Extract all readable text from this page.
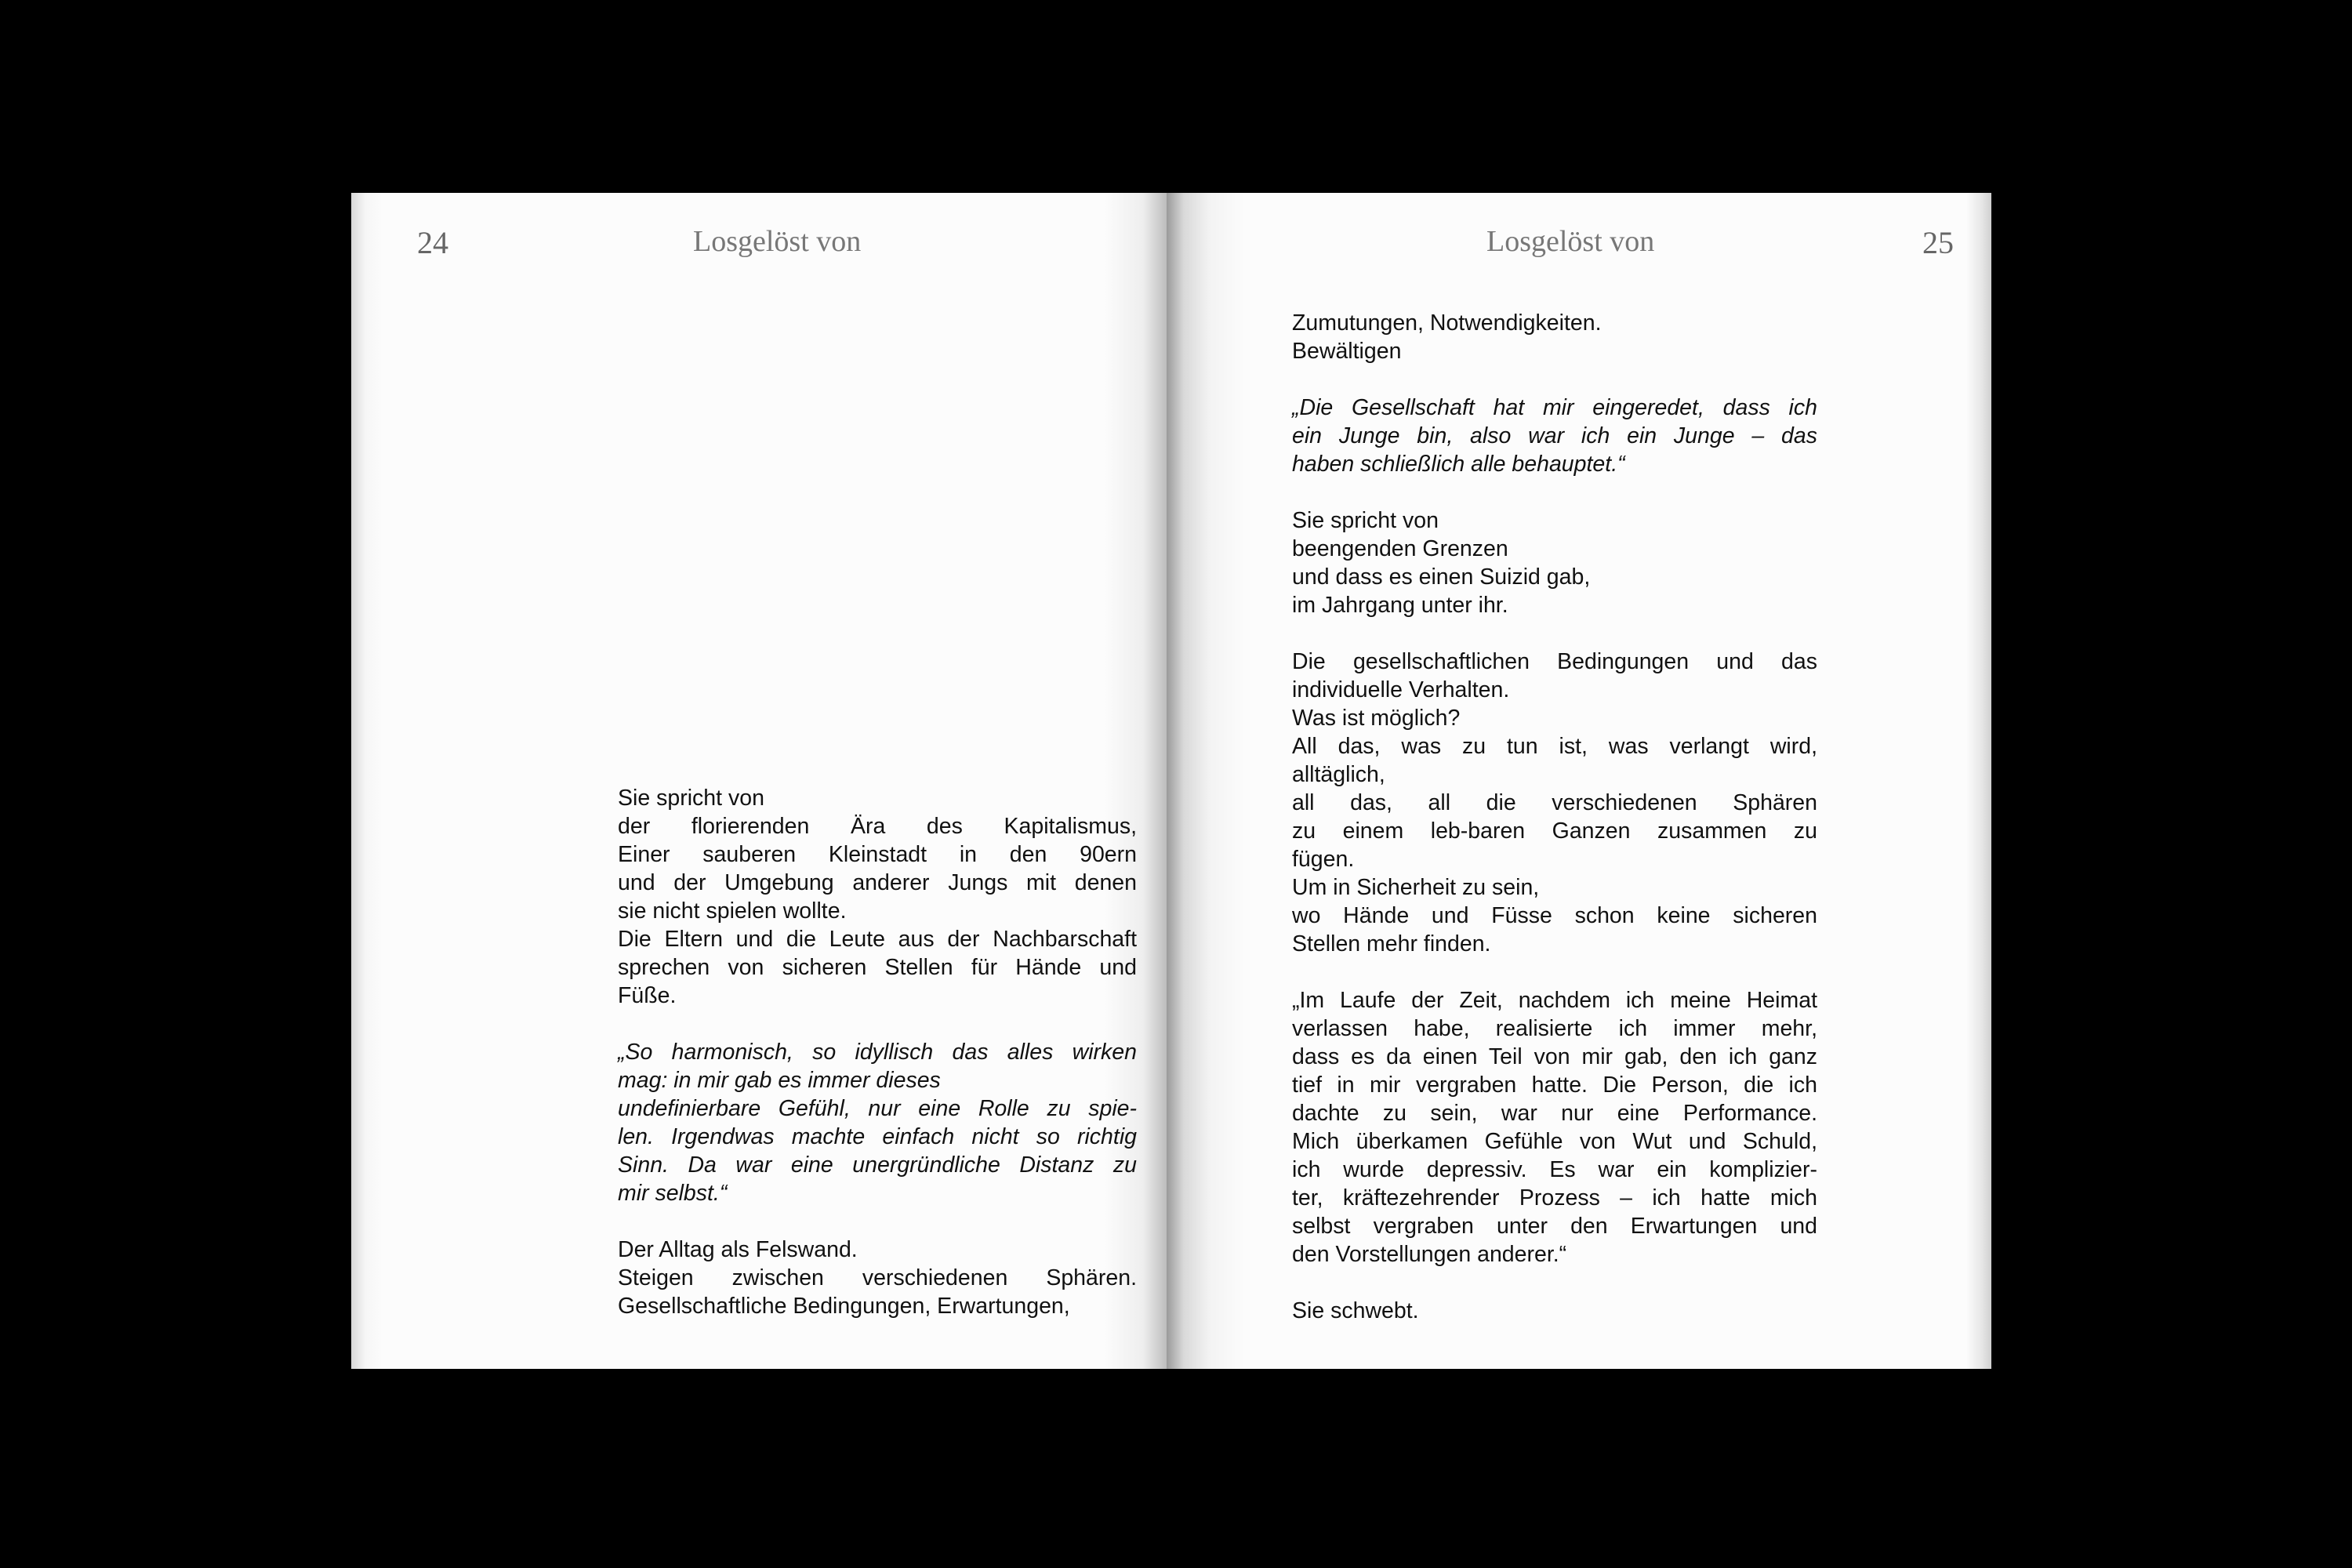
24	Losgelöst von
Sie spricht von
der florierenden Ära des Kapitalismus,
Einer sauberen Kleinstadt in den 90ern
und der Umgebung anderer Jungs mit denen
sie nicht spielen wollte.
Die Eltern und die Leute aus der Nachbarschaft
sprechen von sicheren Stellen für Hände und
Füße.
„So harmonisch, so idyllisch das alles wirken
mag: in mir gab es immer dieses
undefinierbare Gefühl, nur eine Rolle zu spie-
len. Irgendwas machte einfach nicht so richtig
Sinn. Da war eine unergründliche Distanz zu
mir selbst.“
Der Alltag als Felswand.
Steigen zwischen verschiedenen Sphären.
Gesellschaftliche Bedingungen, Erwartungen,
Losgelöst von	25
Zumutungen, Notwendigkeiten.
Bewältigen
„Die Gesellschaft hat mir eingeredet, dass ich
ein Junge bin, also war ich ein Junge – das
haben schließlich alle behauptet.“
Sie spricht von
beengenden Grenzen
und dass es einen Suizid gab,
im Jahrgang unter ihr.
Die gesellschaftlichen Bedingungen und das
individuelle Verhalten.
Was ist möglich?
All das, was zu tun ist, was verlangt wird,
alltäglich,
all das, all die verschiedenen Sphären
zu einem leb-baren Ganzen zusammen zu
fügen.
Um in Sicherheit zu sein,
wo Hände und Füsse schon keine sicheren
Stellen mehr finden.
„Im Laufe der Zeit, nachdem ich meine Heimat
verlassen habe, realisierte ich immer mehr,
dass es da einen Teil von mir gab, den ich ganz
tief in mir vergraben hatte. Die Person, die ich
dachte zu sein, war nur eine Performance.
Mich überkamen Gefühle von Wut und Schuld,
ich wurde depressiv. Es war ein komplizier-
ter, kräftezehrender Prozess – ich hatte mich
selbst vergraben unter den Erwartungen und
den Vorstellungen anderer.“
Sie schwebt.
